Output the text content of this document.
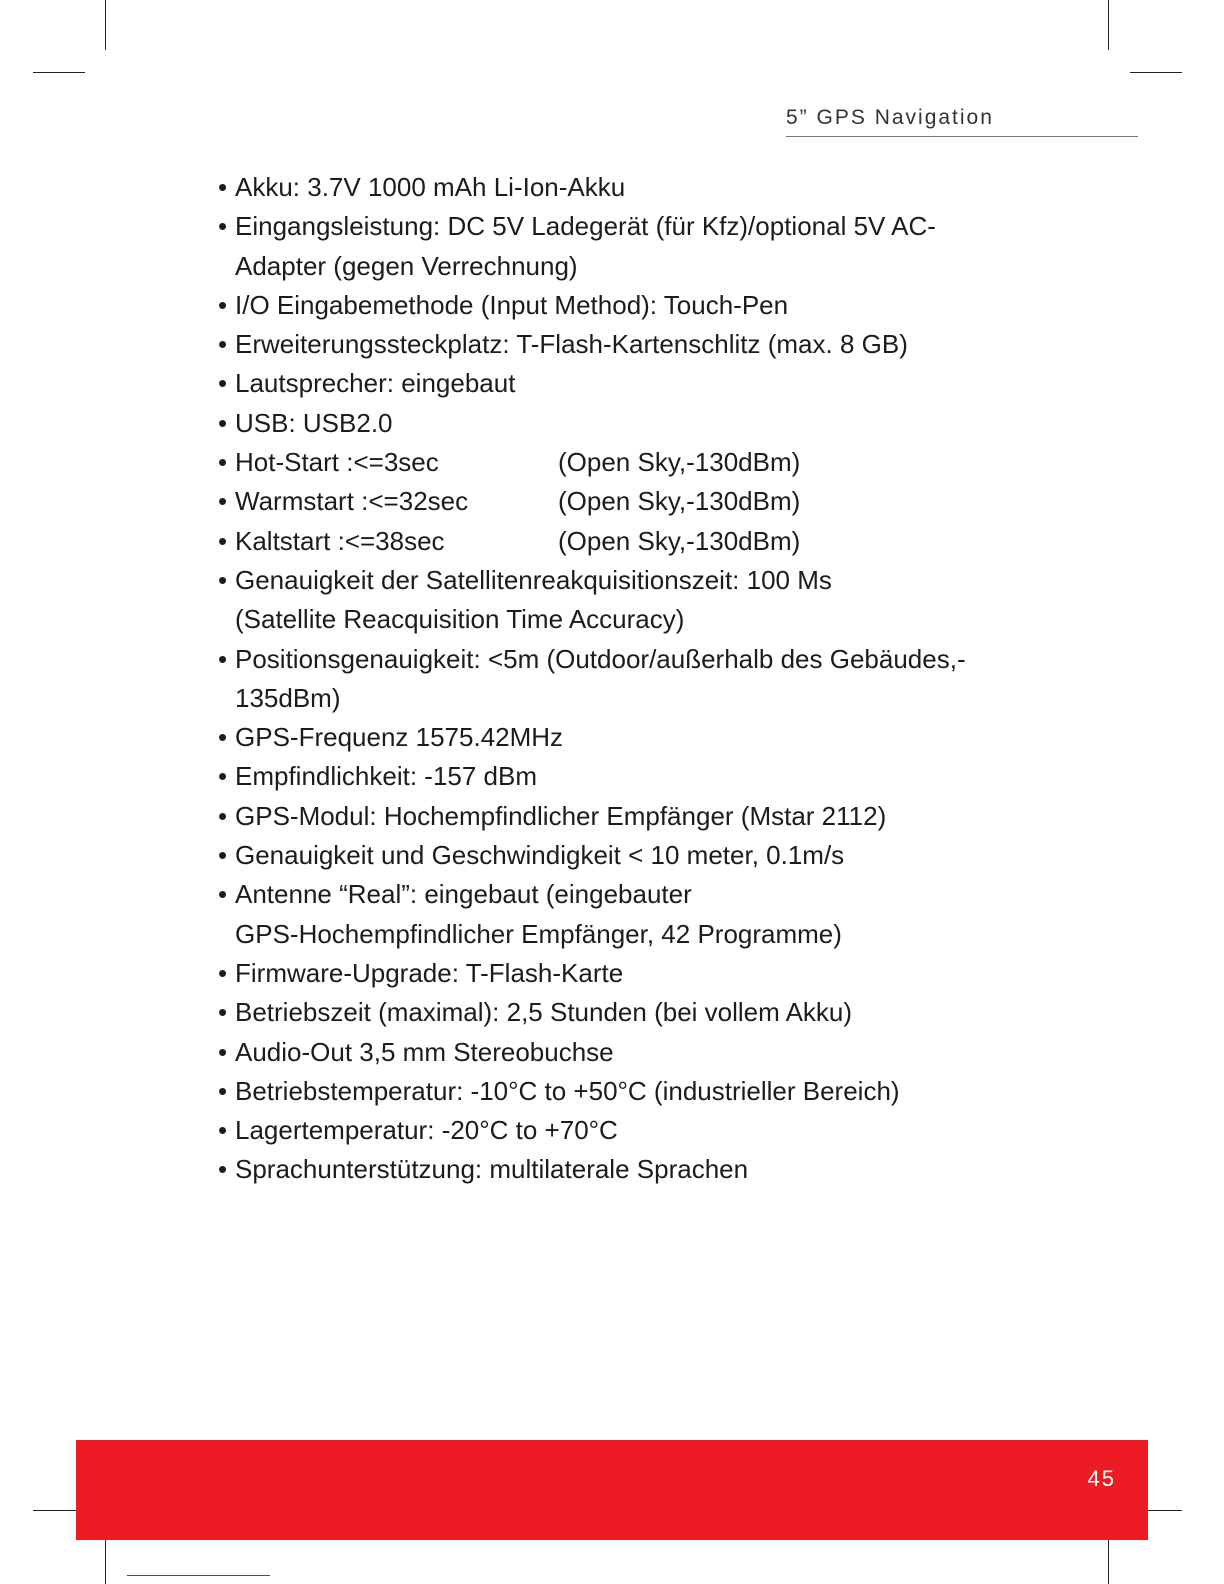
5” GPS Navigation
• Akku: 3.7V 1000 mAh Li-Ion-Akku
• Eingangsleistung: DC 5V Ladegerät (für Kfz)/optional 5V AC-
Adapter (gegen Verrechnung)
• I/O Eingabemethode (Input Method): Touch-Pen
• Erweiterungssteckplatz: T-Flash-Kartenschlitz (max. 8 GB)
• Lautsprecher: eingebaut
• USB: USB2.0
• Hot-Start :<=3sec	(Open Sky,-130dBm)
• Warmstart :<=32sec	(Open Sky,-130dBm)
• Kaltstart :<=38sec	(Open Sky,-130dBm)
• Genauigkeit der Satellitenreakquisitionszeit: 100 Ms
(Satellite Reacquisition Time Accuracy)
• Positionsgenauigkeit: <5m (Outdoor/außerhalb des Gebäudes,-
135dBm)
• GPS-Frequenz 1575.42MHz
• Empfindlichkeit: -157 dBm
• GPS-Modul: Hochempfindlicher Empfänger (Mstar 2112)
• Genauigkeit und Geschwindigkeit < 10 meter, 0.1m/s
• Antenne “Real”: eingebaut (eingebauter
GPS-Hochempfindlicher Empfänger, 42 Programme)
• Firmware-Upgrade: T-Flash-Karte
• Betriebszeit (maximal): 2,5 Stunden (bei vollem Akku)
• Audio-Out 3,5 mm Stereobuchse
• Betriebstemperatur: -10°C to +50°C (industrieller Bereich)
• Lagertemperatur: -20°C to +70°C
• Sprachunterstützung: multilaterale Sprachen
45
